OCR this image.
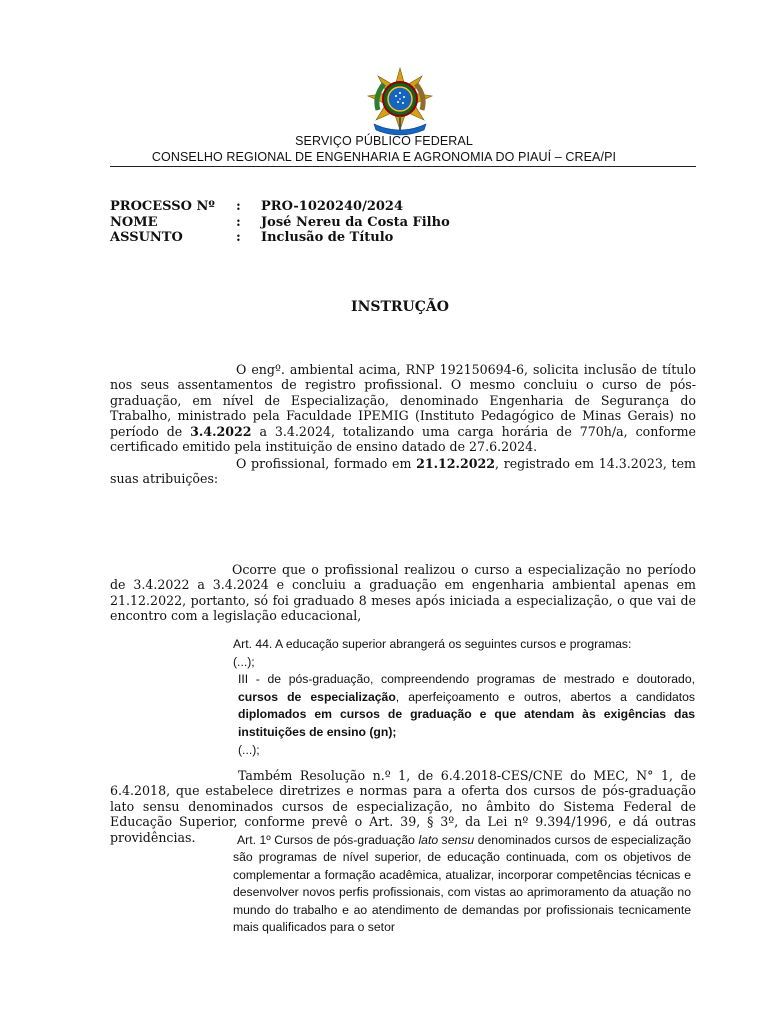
SERVIÇO PÚBLICO FEDERAL
CONSELHO REGIONAL DE ENGENHARIA E AGRONOMIA DO PIAUÍ – CREA/PI
PROCESSO Nº	:	PRO-1020240/2024
NOME	:	José Nereu da Costa Filho
ASSUNTO	:	Inclusão de Título
INSTRUÇÃO
O engº. ambiental acima, RNP 192150694-6, solicita inclusão de título nos seus assentamentos de registro profissional. O mesmo concluiu o curso de pós-graduação, em nível de Especialização, denominado Engenharia de Segurança do Trabalho, ministrado pela Faculdade IPEMIG (Instituto Pedagógico de Minas Gerais) no período de 3.4.2022 a 3.4.2024, totalizando uma carga horária de 770h/a, conforme certificado emitido pela instituição de ensino datado de 27.6.2024.
O profissional, formado em 21.12.2022, registrado em 14.3.2023, tem suas atribuições:
Ocorre que o profissional realizou o curso a especialização no período de 3.4.2022 a 3.4.2024 e concluiu a graduação em engenharia ambiental apenas em 21.12.2022, portanto, só foi graduado 8 meses após iniciada a especialização, o que vai de encontro com a legislação educacional,
Art. 44. A educação superior abrangerá os seguintes cursos e programas:
(...);
III - de pós-graduação, compreendendo programas de mestrado e doutorado, cursos de especialização, aperfeiçoamento e outros, abertos a candidatos diplomados em cursos de graduação e que atendam às exigências das instituições de ensino (gn);
(...);
Também Resolução n.º 1, de 6.4.2018-CES/CNE do MEC, N° 1, de 6.4.2018, que estabelece diretrizes e normas para a oferta dos cursos de pós-graduação lato sensu denominados cursos de especialização, no âmbito do Sistema Federal de Educação Superior, conforme prevê o Art. 39, § 3º, da Lei nº 9.394/1996, e dá outras providências.	Art. 1º Cursos de pós-graduação lato sensu denominados cursos de especialização são programas de nível superior, de educação continuada, com os objetivos de complementar a formação acadêmica, atualizar, incorporar competências técnicas e desenvolver novos perfis profissionais, com vistas ao aprimoramento da atuação no mundo do trabalho e ao atendimento de demandas por profissionais tecnicamente mais qualificados para o setor
